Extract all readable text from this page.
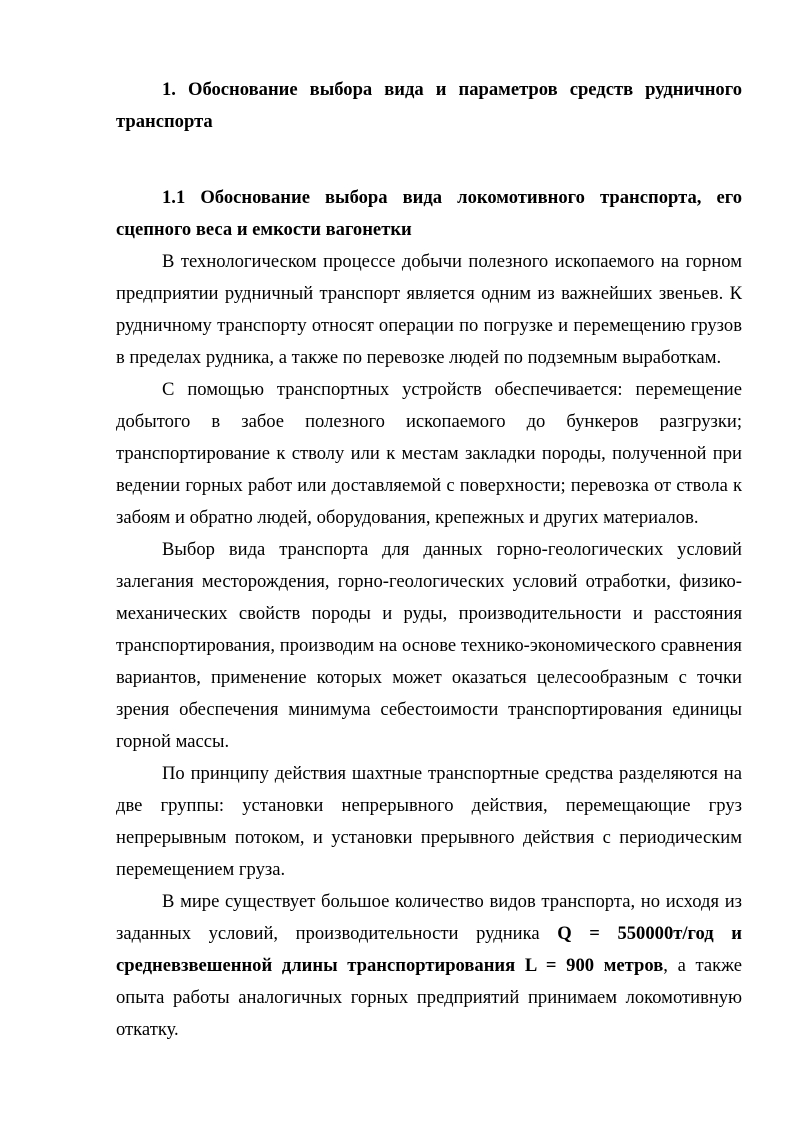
1. Обоснование выбора вида и параметров средств рудничного транспорта

1.1 Обоснование выбора вида локомотивного транспорта, его сцепного веса и емкости вагонетки

В технологическом процессе добычи полезного ископаемого на горном предприятии рудничный транспорт является одним из важнейших звеньев. К рудничному транспорту относят операции по погрузке и перемещению грузов в пределах рудника, а также по перевозке людей по подземным выработкам.

С помощью транспортных устройств обеспечивается: перемещение добытого в забое полезного ископаемого до бункеров разгрузки; транспортирование к стволу или к местам закладки породы, полученной при ведении горных работ или доставляемой с поверхности; перевозка от ствола к забоям и обратно людей, оборудования, крепежных и других материалов.

Выбор вида транспорта для данных горно-геологических условий залегания месторождения, горно-геологических условий отработки, физико-механических свойств породы и руды, производительности и расстояния транспортирования, производим на основе технико-экономического сравнения вариантов, применение которых может оказаться целесообразным с точки зрения обеспечения минимума себестоимости транспортирования единицы горной массы.

По принципу действия шахтные транспортные средства разделяются на две группы: установки непрерывного действия, перемещающие груз непрерывным потоком, и установки прерывного действия с периодическим перемещением груза.

В мире существует большое количество видов транспорта, но исходя из заданных условий, производительности рудника Q = 550000т/год и средневзвешенной длины транспортирования L = 900 метров, а также опыта работы аналогичных горных предприятий принимаем локомотивную откатку.
